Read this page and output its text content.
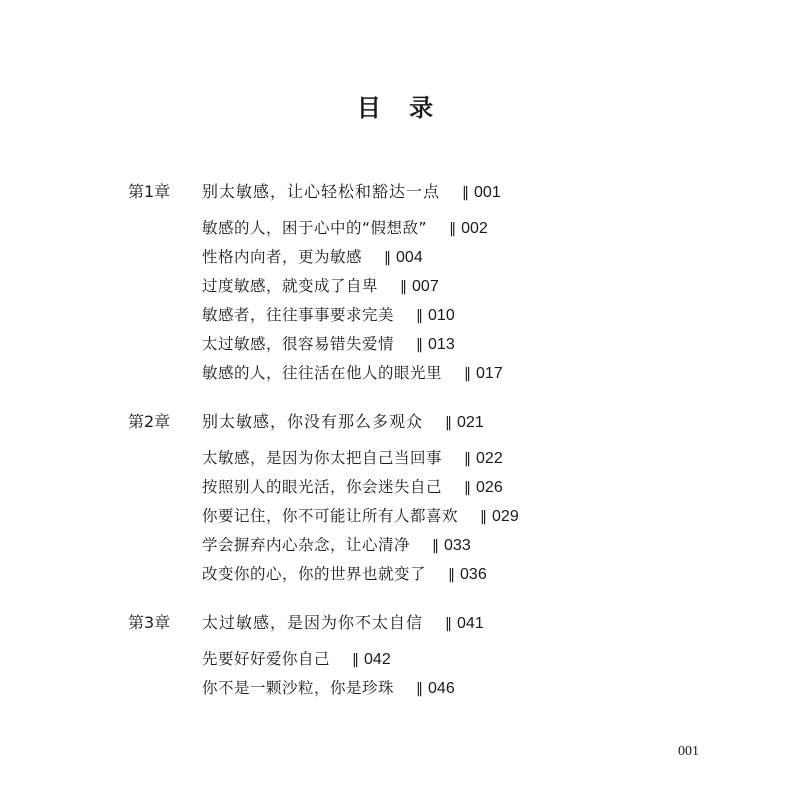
目 录
第1章	别太敏感，让心轻松和豁达一点 ‖ 001
敏感的人，困于心中的“假想敌” ‖ 002
性格内向者，更为敏感 ‖ 004
过度敏感，就变成了自卑 ‖ 007
敏感者，往往事事要求完美 ‖ 010
太过敏感，很容易错失爱情 ‖ 013
敏感的人，往往活在他人的眼光里 ‖ 017
第2章	别太敏感，你没有那么多观众 ‖ 021
太敏感，是因为你太把自己当回事 ‖ 022
按照别人的眼光活，你会迷失自己 ‖ 026
你要记住，你不可能让所有人都喜欢 ‖ 029
学会摒弃内心杂念，让心清净 ‖ 033
改变你的心，你的世界也就变了 ‖ 036
第3章	太过敏感，是因为你不太自信 ‖ 041
先要好好爱你自己 ‖ 042
你不是一颗沙粒，你是珍珠 ‖ 046
001
